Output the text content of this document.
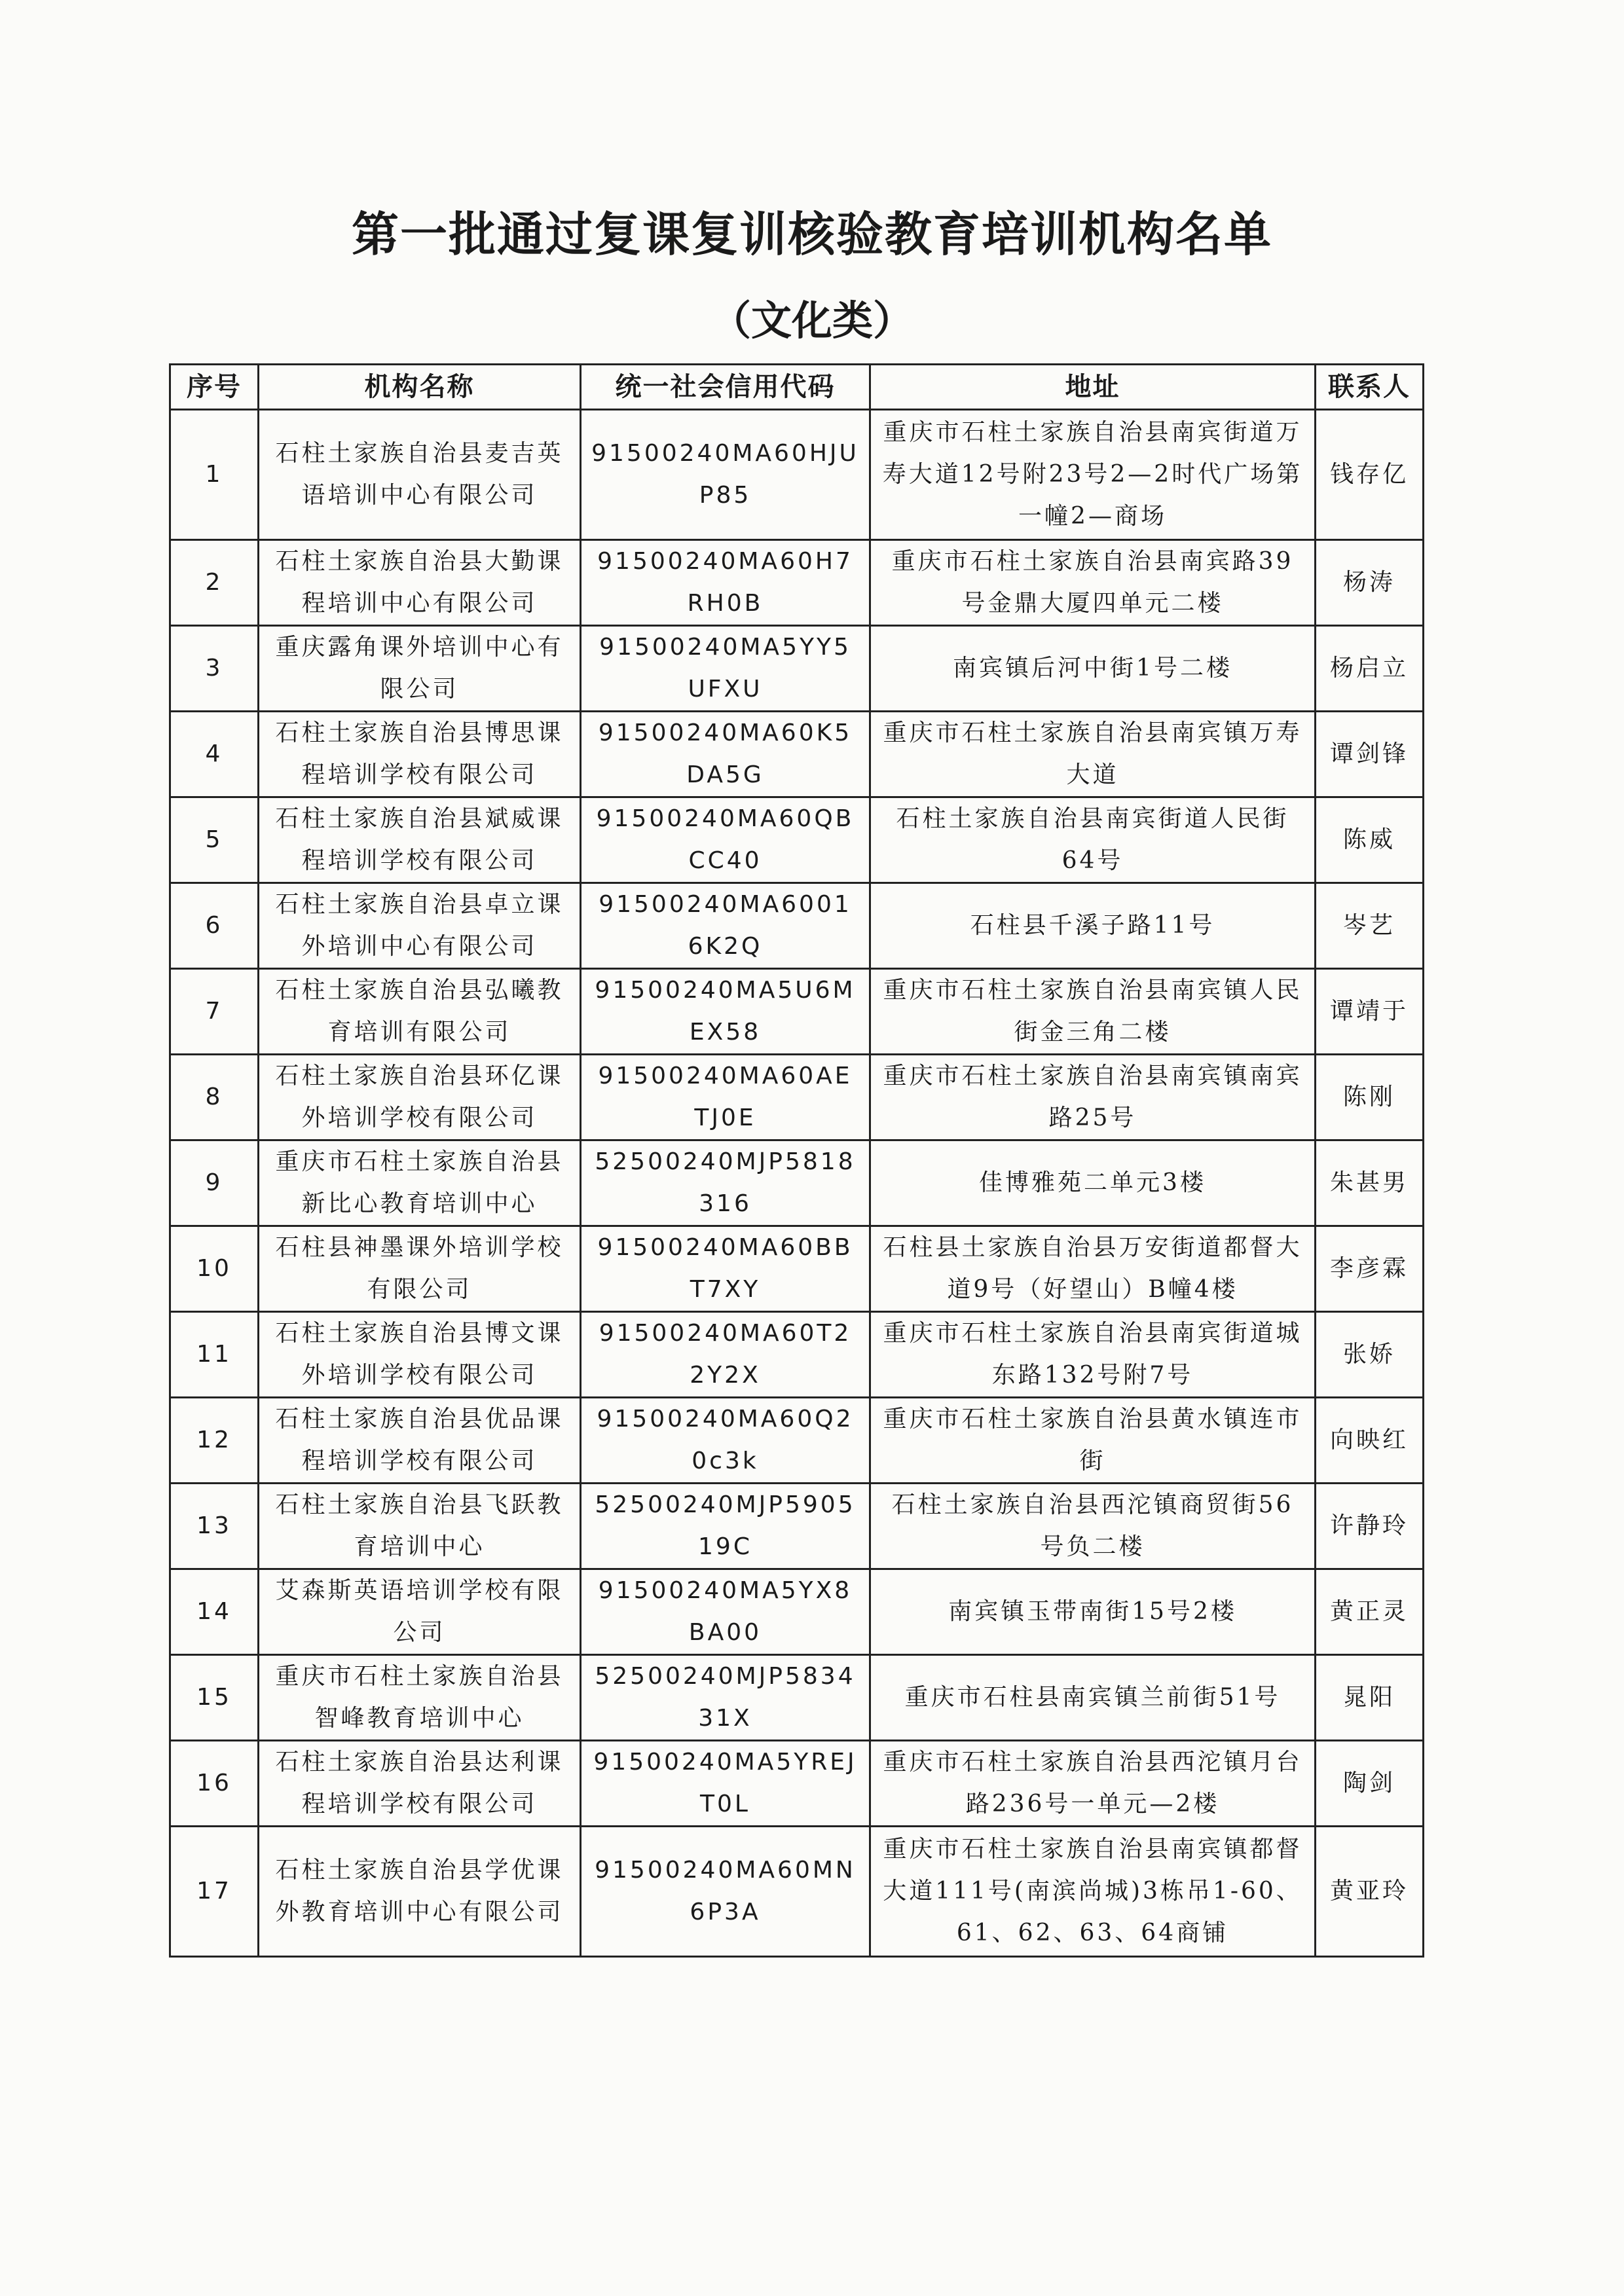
第一批通过复课复训核验教育培训机构名单
（文化类）
序号	机构名称	统一社会信用代码	地址	联系人
1	石柱土家族自治县麦吉英语培训中心有限公司	91500240MA60HJUP85	重庆市石柱土家族自治县南宾街道万寿大道12号附23号2—2时代广场第一幢2—商场	钱存亿
2	石柱土家族自治县大勤课程培训中心有限公司	91500240MA60H7RH0B	重庆市石柱土家族自治县南宾路39号金鼎大厦四单元二楼	杨涛
3	重庆露角课外培训中心有限公司	91500240MA5YY5UFXU	南宾镇后河中街1号二楼	杨启立
4	石柱土家族自治县博思课程培训学校有限公司	91500240MA60K5DA5G	重庆市石柱土家族自治县南宾镇万寿大道	谭剑锋
5	石柱土家族自治县斌威课程培训学校有限公司	91500240MA60QBCC40	石柱土家族自治县南宾街道人民街64号	陈威
6	石柱土家族自治县卓立课外培训中心有限公司	91500240MA60016K2Q	石柱县千溪子路11号	岑艺
7	石柱土家族自治县弘曦教育培训有限公司	91500240MA5U6MEX58	重庆市石柱土家族自治县南宾镇人民街金三角二楼	谭靖于
8	石柱土家族自治县环亿课外培训学校有限公司	91500240MA60AETJ0E	重庆市石柱土家族自治县南宾镇南宾路25号	陈刚
9	重庆市石柱土家族自治县新比心教育培训中心	52500240MJP5818316	佳博雅苑二单元3楼	朱甚男
10	石柱县神墨课外培训学校有限公司	91500240MA60BBT7XY	石柱县土家族自治县万安街道都督大道9号（好望山）B幢4楼	李彦霖
11	石柱土家族自治县博文课外培训学校有限公司	91500240MA60T22Y2X	重庆市石柱土家族自治县南宾街道城东路132号附7号	张娇
12	石柱土家族自治县优品课程培训学校有限公司	91500240MA60Q20c3k	重庆市石柱土家族自治县黄水镇连市街	向映红
13	石柱土家族自治县飞跃教育培训中心	52500240MJP590519C	石柱土家族自治县西沱镇商贸街56号负二楼	许静玲
14	艾森斯英语培训学校有限公司	91500240MA5YX8BA00	南宾镇玉带南街15号2楼	黄正灵
15	重庆市石柱土家族自治县智峰教育培训中心	52500240MJP583431X	重庆市石柱县南宾镇兰前街51号	晁阳
16	石柱土家族自治县达利课程培训学校有限公司	91500240MA5YREJT0L	重庆市石柱土家族自治县西沱镇月台路236号一单元—2楼	陶剑
17	石柱土家族自治县学优课外教育培训中心有限公司	91500240MA60MN6P3A	重庆市石柱土家族自治县南宾镇都督大道111号(南滨尚城)3栋吊1-60、61、62、63、64商铺	黄亚玲
